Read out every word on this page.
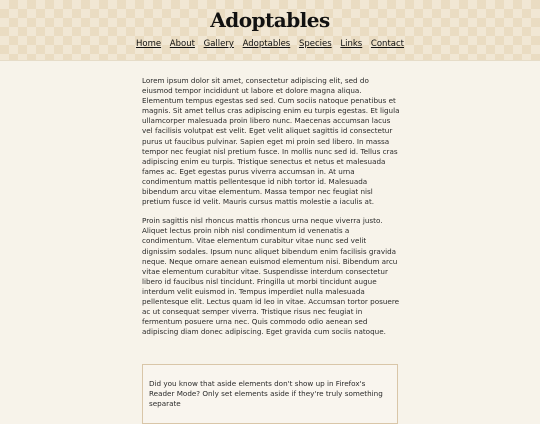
Adoptables
Home About Gallery Adoptables Species Links Contact

Lorem ipsum dolor sit amet, consectetur adipiscing elit, sed do eiusmod tempor incididunt ut labore et dolore magna aliqua. Elementum tempus egestas sed sed. Cum sociis natoque penatibus et magnis. Sit amet tellus cras adipiscing enim eu turpis egestas. Et ligula ullamcorper malesuada proin libero nunc. Maecenas accumsan lacus vel facilisis volutpat est velit. Eget velit aliquet sagittis id consectetur purus ut faucibus pulvinar. Sapien eget mi proin sed libero. In massa tempor nec feugiat nisl pretium fusce. In mollis nunc sed id. Tellus cras adipiscing enim eu turpis. Tristique senectus et netus et malesuada fames ac. Eget egestas purus viverra accumsan in. At urna condimentum mattis pellentesque id nibh tortor id. Malesuada bibendum arcu vitae elementum. Massa tempor nec feugiat nisl pretium fusce id velit. Mauris cursus mattis molestie a iaculis at.

Proin sagittis nisl rhoncus mattis rhoncus urna neque viverra justo. Aliquet lectus proin nibh nisl condimentum id venenatis a condimentum. Vitae elementum curabitur vitae nunc sed velit dignissim sodales. Ipsum nunc aliquet bibendum enim facilisis gravida neque. Neque ornare aenean euismod elementum nisi. Bibendum arcu vitae elementum curabitur vitae. Suspendisse interdum consectetur libero id faucibus nisl tincidunt. Fringilla ut morbi tincidunt augue interdum velit euismod in. Tempus imperdiet nulla malesuada pellentesque elit. Lectus quam id leo in vitae. Accumsan tortor posuere ac ut consequat semper viverra. Tristique risus nec feugiat in fermentum posuere urna nec. Quis commodo odio aenean sed adipiscing diam donec adipiscing. Eget gravida cum sociis natoque.

Did you know that aside elements don't show up in Firefox's Reader Mode? Only set elements aside if they're truly something separate
